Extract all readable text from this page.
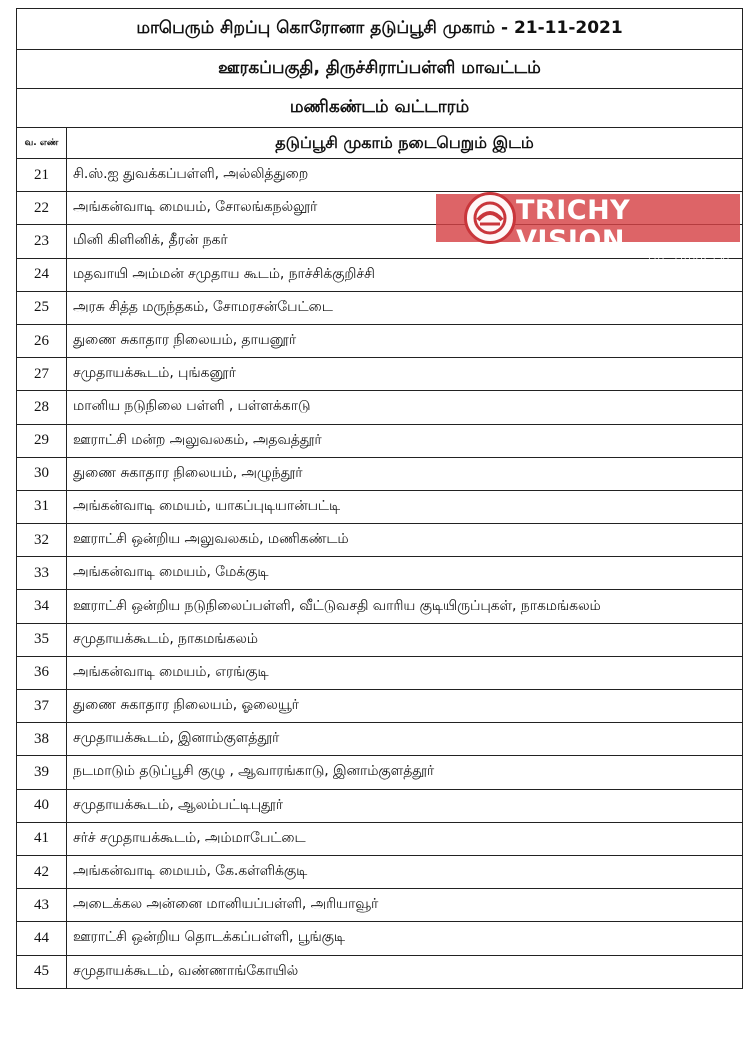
மாபெரும் சிறப்பு கொரோனா தடுப்பூசி முகாம் - 21-11-2021	
ஊரகப்பகுதி, திருச்சிராப்பள்ளி மாவட்டம்	
மணிகண்டம் வட்டாரம்	
வ. எண்	தடுப்பூசி முகாம் நடைபெறும் இடம்
21	சி.ஸ்.ஐ துவக்கப்பள்ளி, அல்லித்துறை
22	அங்கன்வாடி மையம், சோலங்கநல்லூர்
23	மினி கிளினிக், தீரன் நகர்
24	மதவாயி அம்மன் சமுதாய கூடம், நாச்சிக்குறிச்சி
25	அரசு சித்த மருந்தகம், சோமரசன்பேட்டை
26	துணை சுகாதார நிலையம், தாயனூர்
27	சமுதாயக்கூடம், புங்கனூர்
28	மானிய நடுநிலை பள்ளி , பள்ளக்காடு
29	ஊராட்சி மன்ற அலுவலகம், அதவத்தூர்
30	துணை சுகாதார நிலையம், அழுந்தூர்
31	அங்கன்வாடி மையம், யாகப்புடியான்பட்டி
32	ஊராட்சி ஒன்றிய அலுவலகம், மணிகண்டம்
33	அங்கன்வாடி மையம், மேக்குடி
34	ஊராட்சி ஒன்றிய நடுநிலைப்பள்ளி, வீட்டுவசதி வாரிய குடியிருப்புகள், நாகமங்கலம்
35	சமுதாயக்கூடம், நாகமங்கலம்
36	அங்கன்வாடி மையம், எரங்குடி
37	துணை சுகாதார நிலையம், ஓலையூர்
38	சமுதாயக்கூடம், இனாம்குளத்தூர்
39	நடமாடும் தடுப்பூசி குழு , ஆவாரங்காடு, இனாம்குளத்தூர்
40	சமுதாயக்கூடம், ஆலம்பட்டிபுதூர்
41	சர்ச் சமுதாயக்கூடம், அம்மாபேட்டை
42	அங்கன்வாடி மையம், கே.கள்ளிக்குடி
43	அடைக்கல அன்னை மானியப்பள்ளி, அரியாவூர்
44	ஊராட்சி ஒன்றிய தொடக்கப்பள்ளி, பூங்குடி
45	சமுதாயக்கூடம், வண்ணாங்கோயில்
TRICHY VISION
THE THIRD EYE
